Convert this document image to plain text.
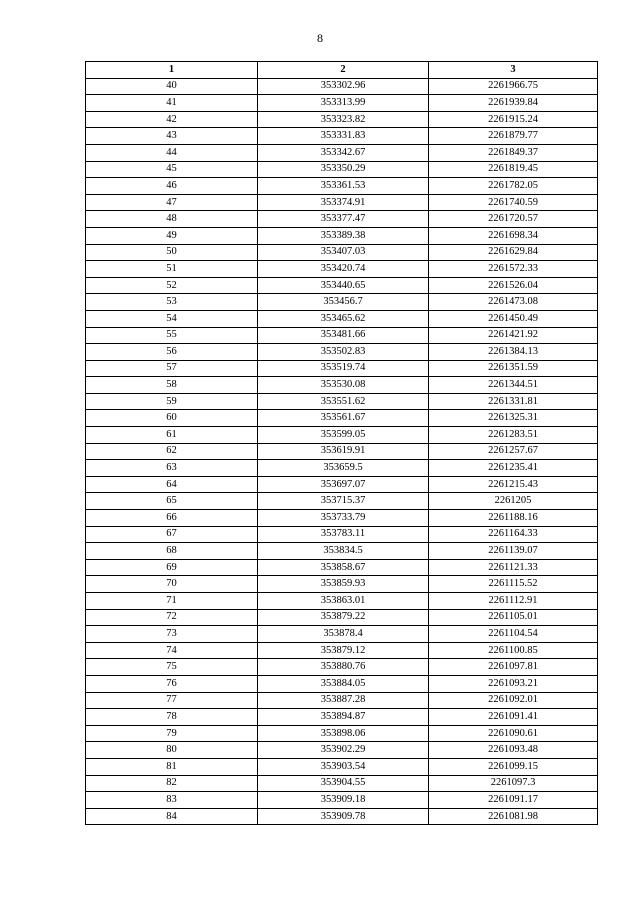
8
1	2	3
40	353302.96	2261966.75
41	353313.99	2261939.84
42	353323.82	2261915.24
43	353331.83	2261879.77
44	353342.67	2261849.37
45	353350.29	2261819.45
46	353361.53	2261782.05
47	353374.91	2261740.59
48	353377.47	2261720.57
49	353389.38	2261698.34
50	353407.03	2261629.84
51	353420.74	2261572.33
52	353440.65	2261526.04
53	353456.7	2261473.08
54	353465.62	2261450.49
55	353481.66	2261421.92
56	353502.83	2261384.13
57	353519.74	2261351.59
58	353530.08	2261344.51
59	353551.62	2261331.81
60	353561.67	2261325.31
61	353599.05	2261283.51
62	353619.91	2261257.67
63	353659.5	2261235.41
64	353697.07	2261215.43
65	353715.37	2261205
66	353733.79	2261188.16
67	353783.11	2261164.33
68	353834.5	2261139.07
69	353858.67	2261121.33
70	353859.93	2261115.52
71	353863.01	2261112.91
72	353879.22	2261105.01
73	353878.4	2261104.54
74	353879.12	2261100.85
75	353880.76	2261097.81
76	353884.05	2261093.21
77	353887.28	2261092.01
78	353894.87	2261091.41
79	353898.06	2261090.61
80	353902.29	2261093.48
81	353903.54	2261099.15
82	353904.55	2261097.3
83	353909.18	2261091.17
84	353909.78	2261081.98
